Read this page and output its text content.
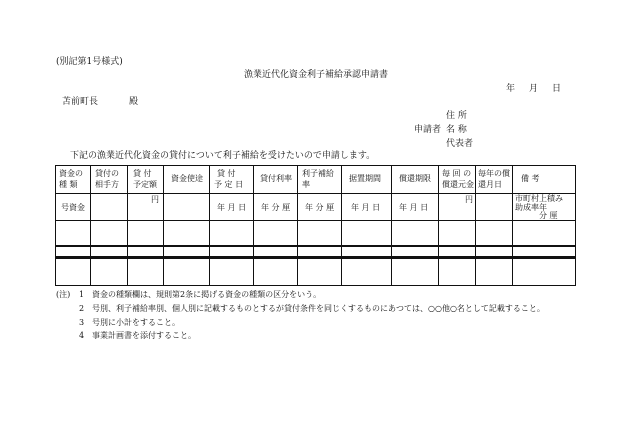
(別記第1号様式)
漁業近代化資金利子補給承認申請書
年 月 日
苫前町長	殿
住 所
申請者 名 称
代表者
下記の漁業近代化資金の貸付について利子補給を受けたいので申請します。
資金の
種 類
貸付の
相手方
貸 付
予定額
資金使途
貸 付
予 定 日
貸付利率
利子補給
率
据置期間 償還期限
毎 回 の
償還元金
毎年の償
還月日
備 考
号資金
円
年 月 日 年 分 厘 年 分 厘 年 月 日 年 月 日
円	市町村上積み
助成率年
分 厘
(注) 1 資金の種類欄は、規則第2条に掲げる資金の種類の区分をいう。
2 号別、利子補給率別、個人別に記載するものとするが貸付条件を同じくするものにあつては、○○他○名として記載すること。
3 号別に小計をすること。
4 事業計画書を添付すること。
